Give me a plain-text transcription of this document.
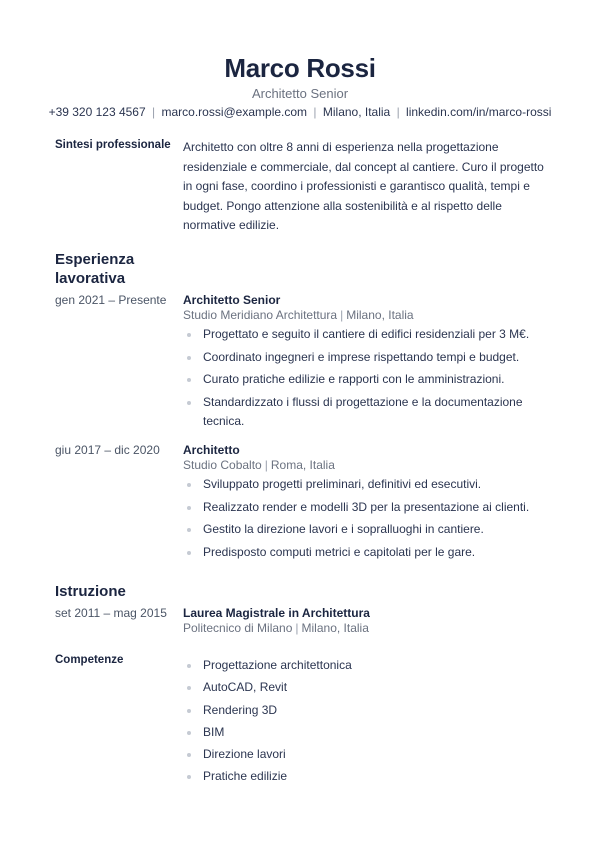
Marco Rossi
Architetto Senior
+39 320 123 4567 | marco.rossi@example.com | Milano, Italia | linkedin.com/in/marco-rossi
Sintesi professionale Architetto con oltre 8 anni di esperienza nella progettazione residenziale e commerciale, dal concept al cantiere. Curo il progetto in ogni fase, coordino i professionisti e garantisco qualità, tempi e budget. Pongo attenzione alla sostenibilità e al rispetto delle normative edilizie.
Esperienza lavorativa
gen 2021 – Presente Architetto Senior
Studio Meridiano Architettura | Milano, Italia
Progettato e seguito il cantiere di edifici residenziali per 3 M€.
Coordinato ingegneri e imprese rispettando tempi e budget.
Curato pratiche edilizie e rapporti con le amministrazioni.
Standardizzato i flussi di progettazione e la documentazione tecnica.
giu 2017 – dic 2020 Architetto
Studio Cobalto | Roma, Italia
Sviluppato progetti preliminari, definitivi ed esecutivi.
Realizzato render e modelli 3D per la presentazione ai clienti.
Gestito la direzione lavori e i sopralluoghi in cantiere.
Predisposto computi metrici e capitolati per le gare.
Istruzione
set 2011 – mag 2015 Laurea Magistrale in Architettura
Politecnico di Milano | Milano, Italia
Competenze	Progettazione architettonica
AutoCAD, Revit
Rendering 3D
BIM
Direzione lavori
Pratiche edilizie
